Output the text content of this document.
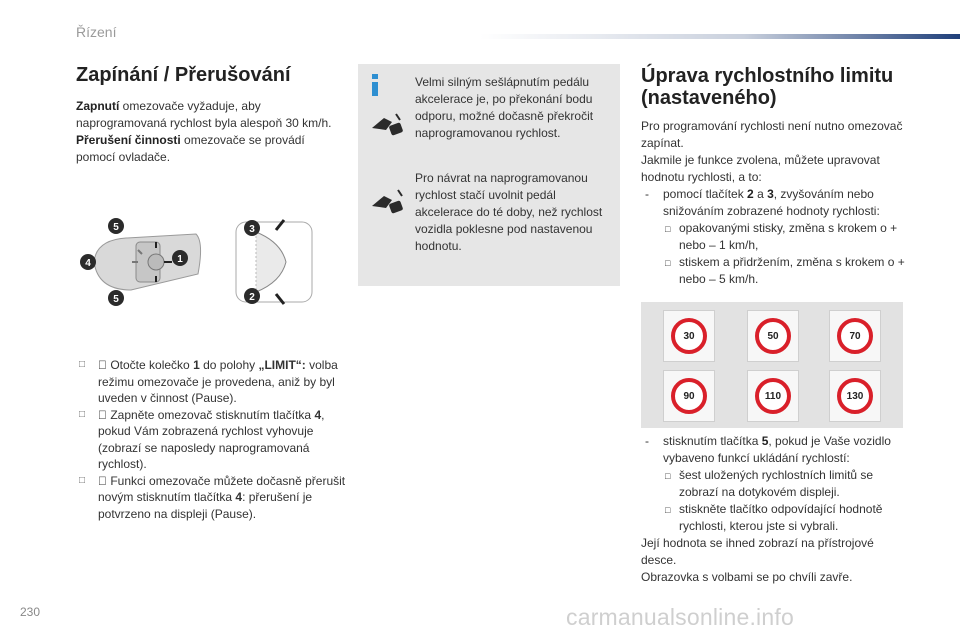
Řízení
Zapínání / Přerušování
Zapnutí omezovače vyžaduje, aby naprogramovaná rychlost byla alespoň 30 km/h.
Přerušení činnosti omezovače se provádí pomocí ovladače.
5
4	1
5
3
2

□ Otočte kolečko 1 do polohy „LIMIT“: volba režimu omezovače je provedena, aniž by byl uveden v činnost (Pause).

□ Zapněte omezovač stisknutím tlačítka 4, pokud Vám zobrazená rychlost vyhovuje (zobrazí se naposledy naprogramovaná rychlost).

□ Funkci omezovače můžete dočasně přerušit novým stisknutím tlačítka 4: přerušení je potvrzeno na displeji (Pause).
Velmi silným sešlápnutím pedálu akcelerace je, po překonání bodu odporu, možné dočasně překročit naprogramovanou rychlost.
Pro návrat na naprogramovanou rychlost stačí uvolnit pedál akcelerace do té doby, než rychlost vozidla poklesne pod nastavenou hodnotu.
Úprava rychlostního limitu (nastaveného)
Pro programování rychlosti není nutno omezovač zapínat.
Jakmile je funkce zvolena, můžete upravovat hodnotu rychlosti, a to:
- pomocí tlačítek 2 a 3, zvyšováním nebo snižováním zobrazené hodnoty rychlosti:
□ opakovanými stisky, změna s krokem o + nebo – 1 km/h,
□ stiskem a přidržením, změna s krokem o + nebo – 5 km/h.
30	50	70
90	110	130
- stisknutím tlačítka 5, pokud je Vaše vozidlo vybaveno funkcí ukládání rychlostí:
□ šest uložených rychlostních limitů se zobrazí na dotykovém displeji.
□ stiskněte tlačítko odpovídající hodnotě rychlosti, kterou jste si vybrali.
Její hodnota se ihned zobrazí na přístrojové desce.
Obrazovka s volbami se po chvíli zavře.
230	carmanualsonline.info
